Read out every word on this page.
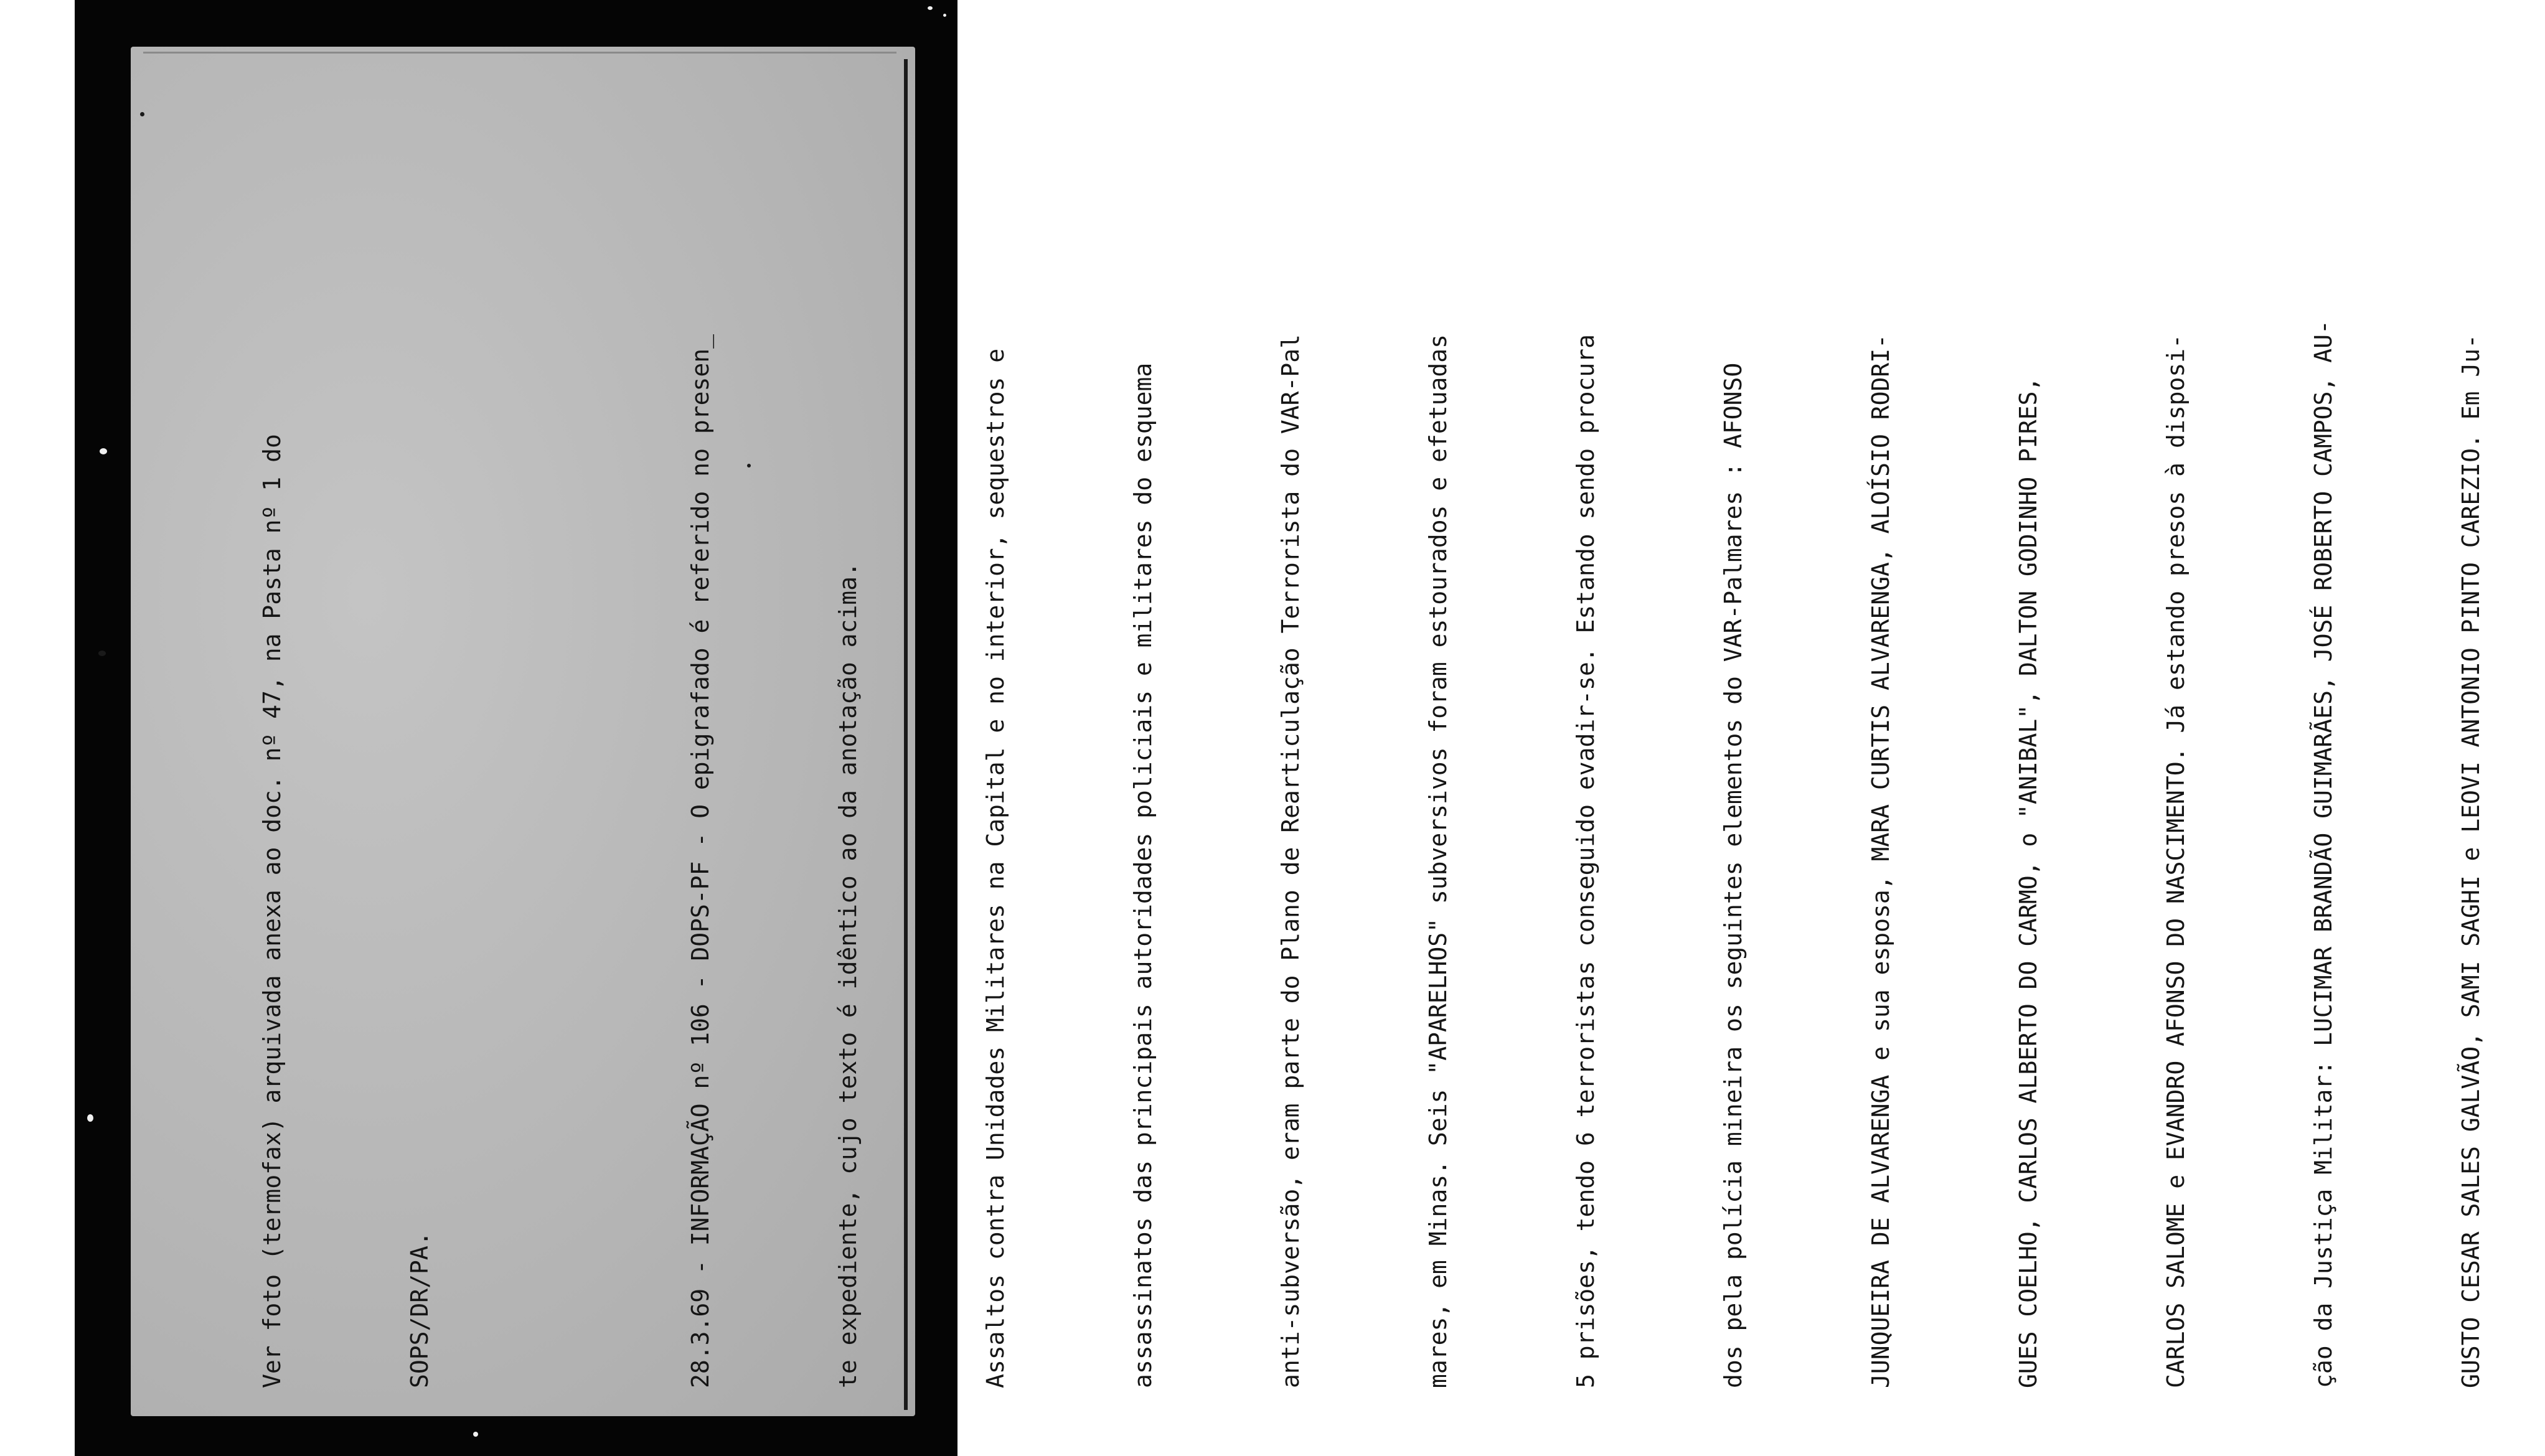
Ver foto (termofax) arquivada anexa ao doc. nº 47, na Pasta nº 1 do

	SOPS/DR/PA.

	28.3.69 - INFORMAÇÃO nº 106 - DOPS-PF - O epigrafado é referido no presen_

	te expediente, cujo texto é idêntico ao da anotação acima.

	Assaltos contra Unidades Militares na Capital e no interior, sequestros e

	assassinatos das principais autoridades policiais e militares do esquema

	anti-subversão, eram parte do Plano de Rearticulação Terrorista do VAR-Pal

	mares, em Minas. Seis "APARELHOS" subversivos foram estourados e efetuadas

	5 prisões, tendo 6 terroristas conseguido evadir-se. Estando sendo procura

	dos pela polícia mineira os seguintes elementos do VAR-Palmares : AFONSO

	JUNQUEIRA DE ALVARENGA e sua esposa, MARA CURTIS ALVARENGA, ALOÍSIO RODRI-

	GUES COELHO, CARLOS ALBERTO DO CARMO, o "ANIBAL", DALTON GODINHO PIRES,

	CARLOS SALOME e EVANDRO AFONSO DO NASCIMENTO. Já estando presos à disposi-

	ção da Justiça Militar: LUCIMAR BRANDÃO GUIMARÃES, JOSÉ ROBERTO CAMPOS, AU-

	GUSTO CESAR SALES GALVÃO, SAMI SAGHI e LEOVI ANTONIO PINTO CAREZIO. Em Ju-
